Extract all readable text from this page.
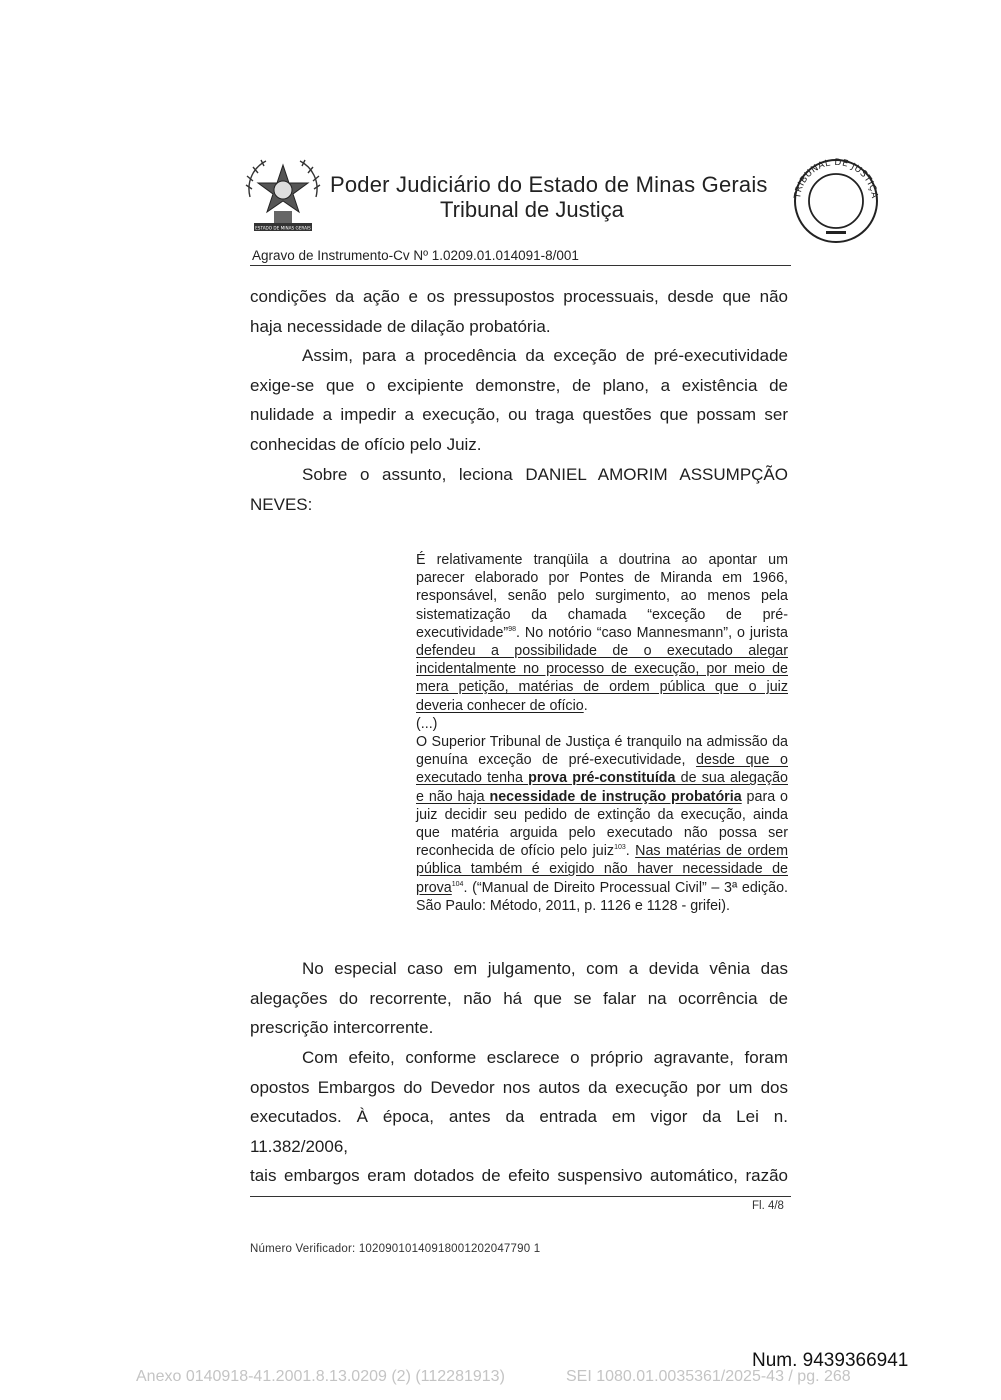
ESTADO DE MINAS GERAIS
Poder Judiciário do Estado de Minas Gerais
Tribunal de Justiça
TRIBUNAL DE JUSTIÇA
Agravo de Instrumento-Cv Nº 1.0209.01.014091-8/001
condições da ação e os pressupostos processuais, desde que não haja necessidade de dilação probatória.
Assim, para a procedência da exceção de pré-executividade exige-se que o excipiente demonstre, de plano, a existência de nulidade a impedir a execução, ou traga questões que possam ser conhecidas de ofício pelo Juiz.
Sobre o assunto, leciona DANIEL AMORIM ASSUMPÇÃO
NEVES:

É relativamente tranqüila a doutrina ao apontar um parecer elaborado por Pontes de Miranda em 1966, responsável, senão pelo surgimento, ao menos pela sistematização da chamada “exceção de pré-executividade”$^{98}$. No notório “caso Mannesmann”, o jurista defendeu a possibilidade de o executado alegar incidentalmente no processo de execução, por meio de mera petição, matérias de ordem pública que o juiz deveria conhecer de ofício.

(...)

O Superior Tribunal de Justiça é tranquilo na admissão da genuína exceção de pré-executividade, desde que o executado tenha prova pré-constituída de sua alegação e não haja necessidade de instrução probatória para o juiz decidir seu pedido de extinção da execução, ainda que matéria arguida pelo executado não possa ser reconhecida de ofício pelo juiz$^{103}$. Nas matérias de ordem pública também é exigido não haver necessidade de prova$^{104}$. (“Manual de Direito Processual Civil” – 3ª edição. São Paulo: Método, 2011, p. 1126 e 1128 - grifei).

No especial caso em julgamento, com a devida vênia das alegações do recorrente, não há que se falar na ocorrência de prescrição intercorrente.
Com efeito, conforme esclarece o próprio agravante, foram opostos Embargos do Devedor nos autos da execução por um dos executados. À época, antes da entrada em vigor da Lei n. 11.382/2006,
tais embargos eram dotados de efeito suspensivo automático, razão
Fl. 4/8
Número Verificador: 10209010140918001202047790 1
Num. 9439366941
Anexo 0140918-41.2001.8.13.0209 (2) (112281913)	SEI 1080.01.0035361/2025-43 / pg. 268
